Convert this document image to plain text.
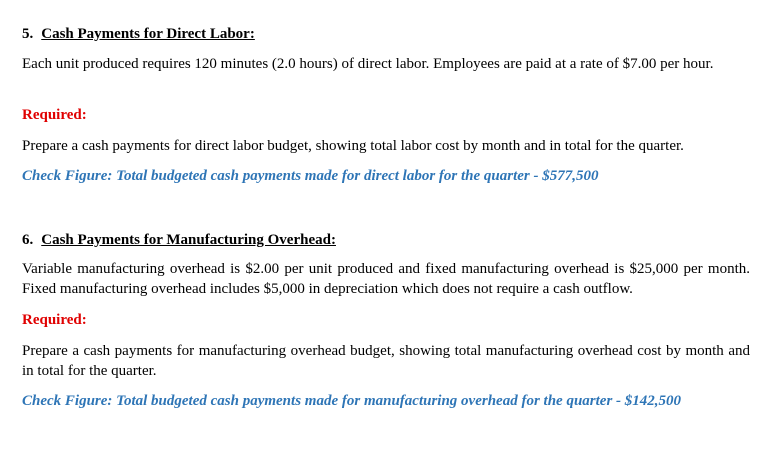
5. Cash Payments for Direct Labor:

Each unit produced requires 120 minutes (2.0 hours) of direct labor. Employees are paid at a rate of $7.00 per hour.

Required:

Prepare a cash payments for direct labor budget, showing total labor cost by month and in total for the quarter.

Check Figure: Total budgeted cash payments made for direct labor for the quarter - $577,500

6. Cash Payments for Manufacturing Overhead:

Variable manufacturing overhead is $2.00 per unit produced and fixed manufacturing overhead is $25,000 per month. Fixed manufacturing overhead includes $5,000 in depreciation which does not require a cash outflow.

Required:

Prepare a cash payments for manufacturing overhead budget, showing total manufacturing overhead cost by month and in total for the quarter.

Check Figure: Total budgeted cash payments made for manufacturing overhead for the quarter - $142,500
